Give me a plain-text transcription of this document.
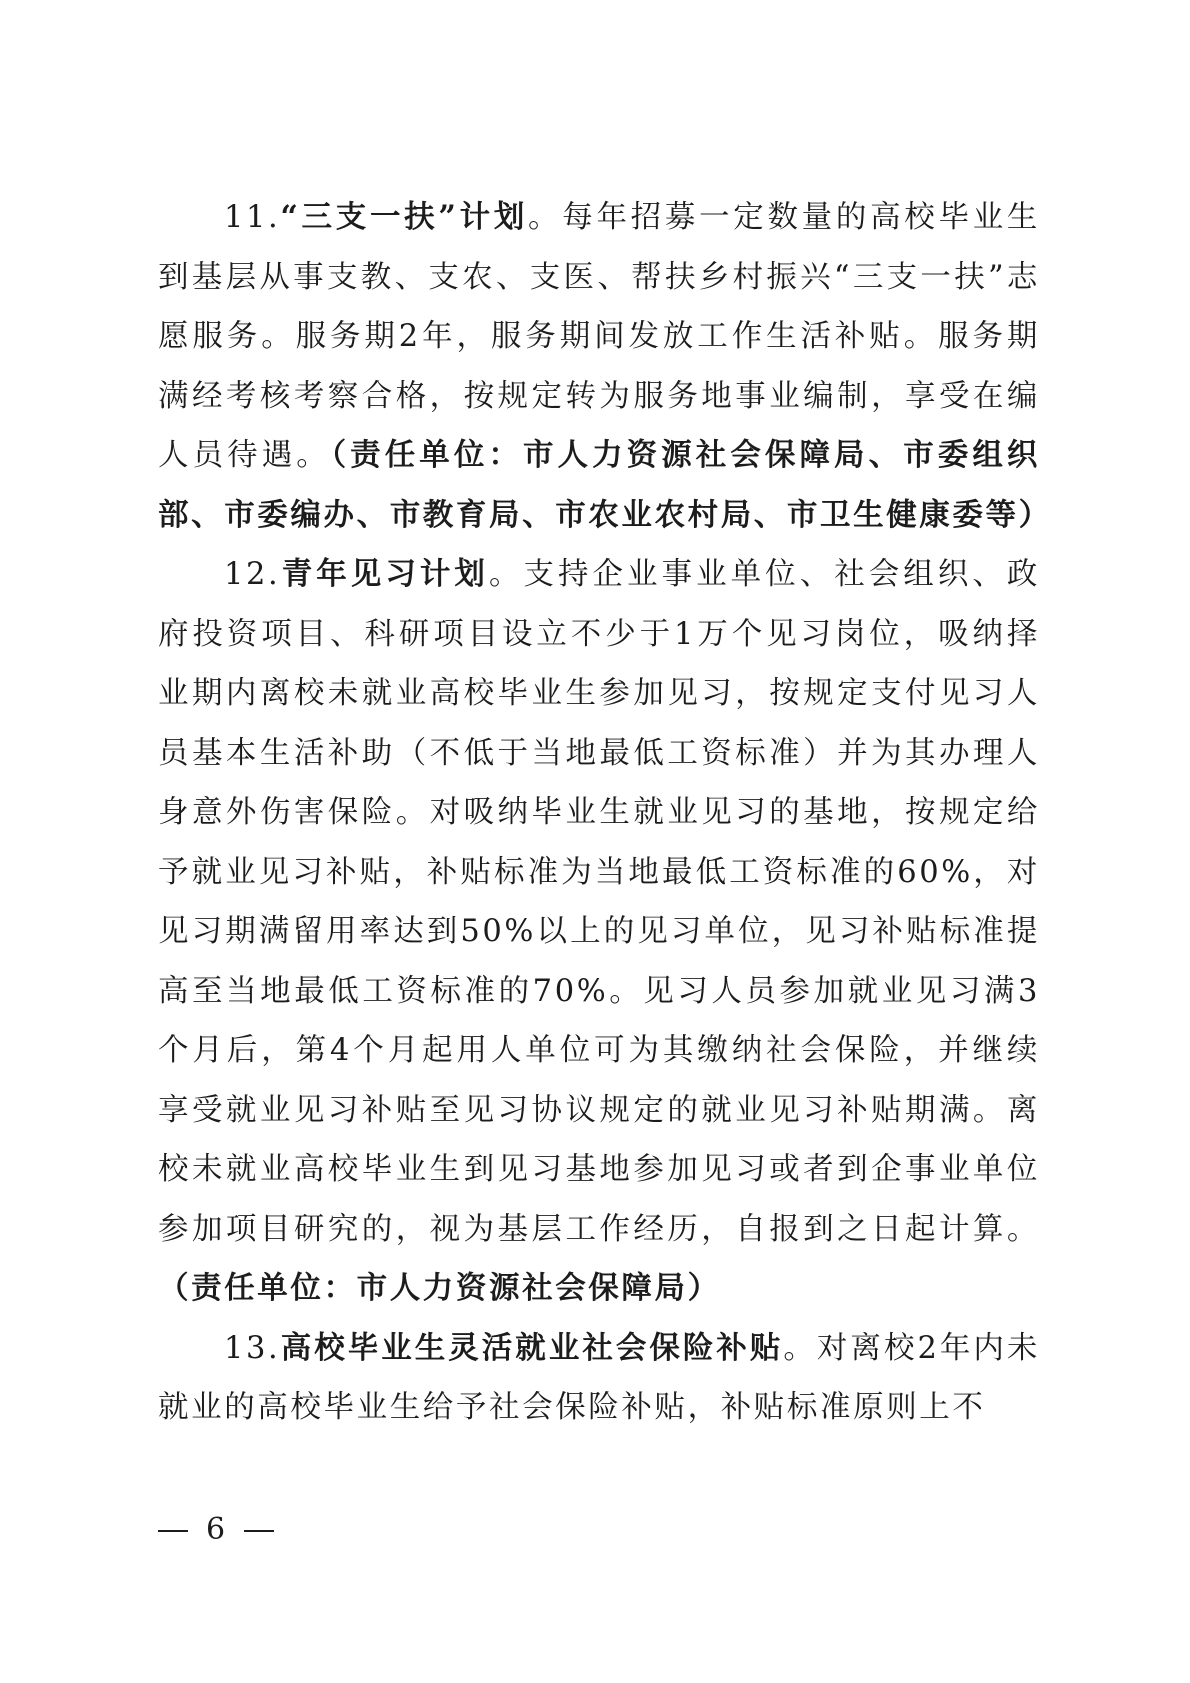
11.“三支一扶”计划。每年招募一定数量的高校毕业生到基层从事支教、支农、支医、帮扶乡村振兴“三支一扶”志愿服务。服务期2年，服务期间发放工作生活补贴。服务期满经考核考察合格，按规定转为服务地事业编制，享受在编人员待遇。（责任单位：市人力资源社会保障局、市委组织部、市委编办、市教育局、市农业农村局、市卫生健康委等）

12.青年见习计划。支持企业事业单位、社会组织、政府投资项目、科研项目设立不少于1万个见习岗位，吸纳择业期内离校未就业高校毕业生参加见习，按规定支付见习人员基本生活补助（不低于当地最低工资标准）并为其办理人身意外伤害保险。对吸纳毕业生就业见习的基地，按规定给予就业见习补贴，补贴标准为当地最低工资标准的60%，对见习期满留用率达到50%以上的见习单位，见习补贴标准提高至当地最低工资标准的70%。见习人员参加就业见习满3个月后，第4个月起用人单位可为其缴纳社会保险，并继续享受就业见习补贴至见习协议规定的就业见习补贴期满。离校未就业高校毕业生到见习基地参加见习或者到企事业单位参加项目研究的，视为基层工作经历，自报到之日起计算。（责任单位：市人力资源社会保障局）

13.高校毕业生灵活就业社会保险补贴。对离校2年内未就业的高校毕业生给予社会保险补贴，补贴标准原则上不

6
